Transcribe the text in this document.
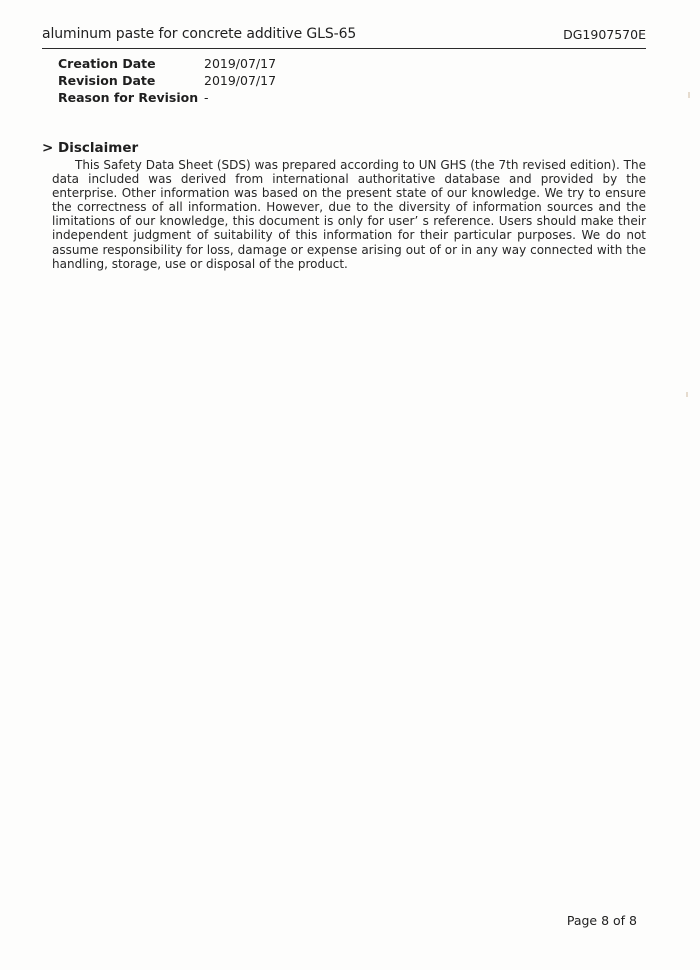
aluminum paste for concrete additive GLS-65	DG1907570E
Creation Date	2019/07/17
Revision Date	2019/07/17
Reason for Revision	-
> Disclaimer

This Safety Data Sheet (SDS) was prepared according to UN GHS (the 7th revised edition). The data included was derived from international authoritative database and provided by the enterprise. Other information was based on the present state of our knowledge. We try to ensure the correctness of all information. However, due to the diversity of information sources and the limitations of our knowledge, this document is only for user’ s reference. Users should make their independent judgment of suitability of this information for their particular purposes. We do not assume responsibility for loss, damage or expense arising out of or in any way connected with the handling, storage, use or disposal of the product.

Page 8 of 8
